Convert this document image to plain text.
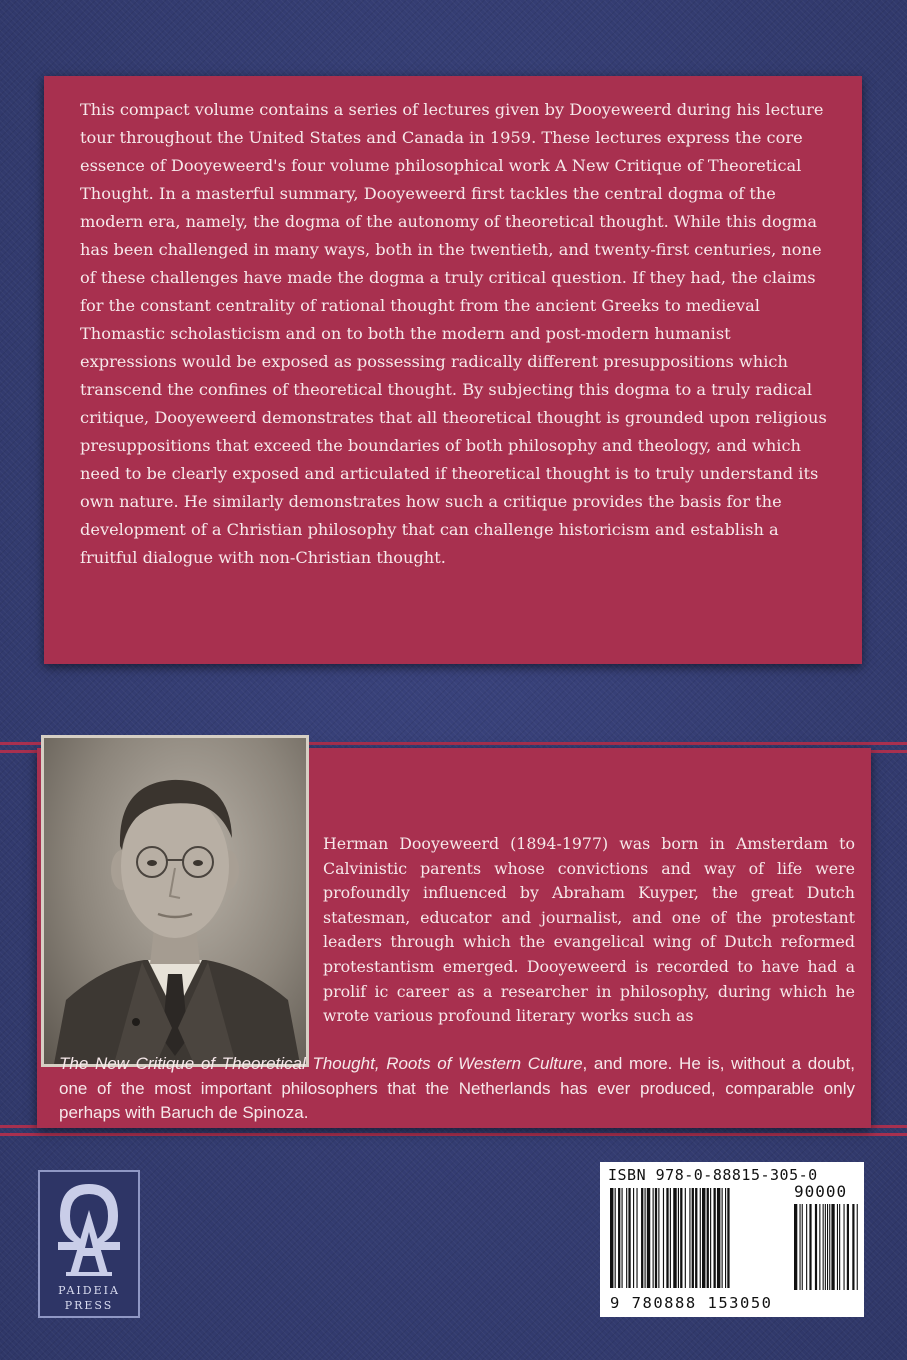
This compact volume contains a series of lectures given by Dooyeweerd during his lecture tour throughout the United States and Canada in 1959. These lectures express the core essence of Dooyeweerd's four volume philosophical work A New Critique of Theoretical Thought. In a masterful summary, Dooyeweerd first tackles the central dogma of the modern era, namely, the dogma of the autonomy of theoretical thought. While this dogma has been challenged in many ways, both in the twentieth, and twenty-first centuries, none of these challenges have made the dogma a truly critical question. If they had, the claims for the constant centrality of rational thought from the ancient Greeks to medieval Thomastic scholasticism and on to both the modern and post-modern humanist expressions would be exposed as possessing radically different presuppositions which transcend the confines of theoretical thought. By subjecting this dogma to a truly radical critique, Dooyeweerd demonstrates that all theoretical thought is grounded upon religious presuppositions that exceed the boundaries of both philosophy and theology, and which need to be clearly exposed and articulated if theoretical thought is to truly understand its own nature. He similarly demonstrates how such a critique provides the basis for the development of a Christian philosophy that can challenge historicism and establish a fruitful dialogue with non-Christian thought.

Herman Dooyeweerd (1894-1977) was born in Amsterdam to Calvinistic parents whose convictions and way of life were profoundly influenced by Abraham Kuyper, the great Dutch statesman, educator and journalist, and one of the protestant leaders through which the evangelical wing of Dutch reformed protestantism emerged. Dooyeweerd is recorded to have had a prolif ic career as a researcher in philosophy, during which he wrote various profound literary works such as

The New Critique of Theoretical Thought, Roots of Western Culture, and more. He is, without a doubt, one of the most important philosophers that the Netherlands has ever produced, comparable only perhaps with Baruch de Spinoza.

PAIDEIA
PRESS
ISBN 978-0-88815-305-0
90000
9 780888 153050
